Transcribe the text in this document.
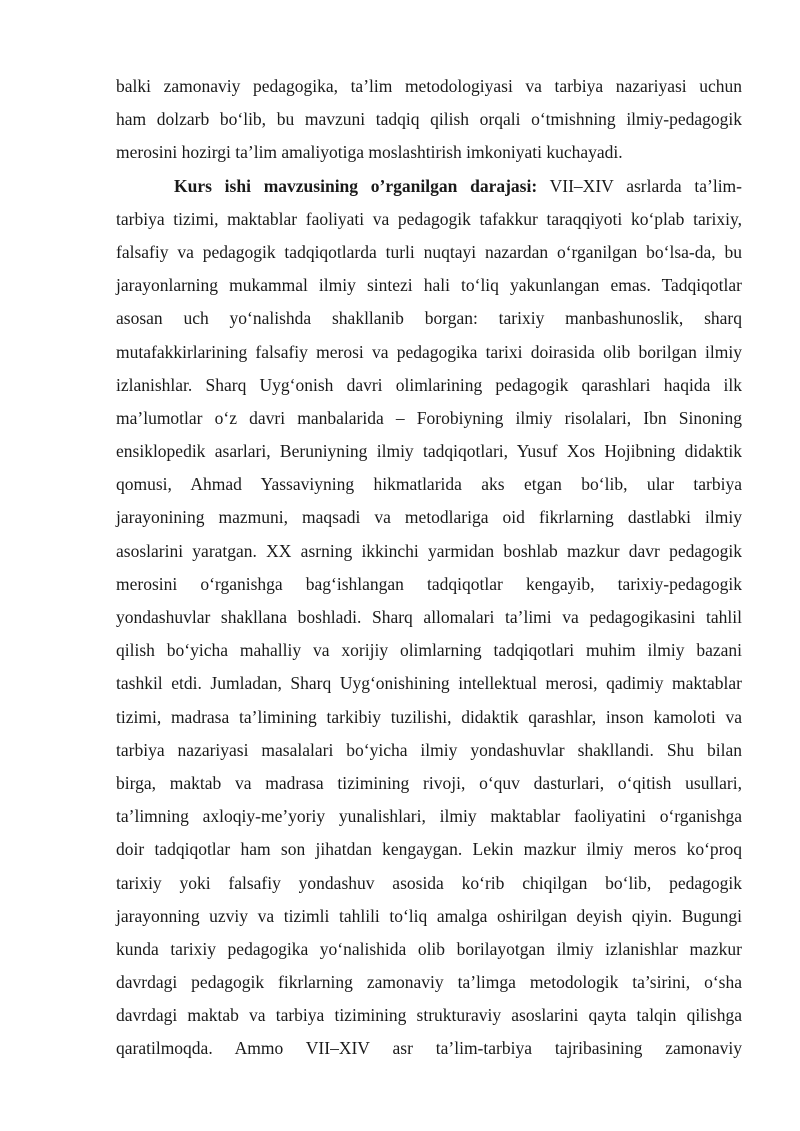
balki zamonaviy pedagogika, ta’lim metodologiyasi va tarbiya nazariyasi uchun
ham dolzarb bo‘lib, bu mavzuni tadqiq qilish orqali o‘tmishning ilmiy-pedagogik
merosini hozirgi ta’lim amaliyotiga moslashtirish imkoniyati kuchayadi.
Kurs ishi mavzusining o’rganilgan darajasi: VII–XIV asrlarda ta’lim-
tarbiya tizimi, maktablar faoliyati va pedagogik tafakkur taraqqiyoti ko‘plab tarixiy,
falsafiy va pedagogik tadqiqotlarda turli nuqtayi nazardan o‘rganilgan bo‘lsa-da, bu
jarayonlarning mukammal ilmiy sintezi hali to‘liq yakunlangan emas. Tadqiqotlar
asosan uch yo‘nalishda shakllanib borgan: tarixiy manbashunoslik, sharq
mutafakkirlarining falsafiy merosi va pedagogika tarixi doirasida olib borilgan ilmiy
izlanishlar. Sharq Uyg‘onish davri olimlarining pedagogik qarashlari haqida ilk
ma’lumotlar o‘z davri manbalarida – Forobiyning ilmiy risolalari, Ibn Sinoning
ensiklopedik asarlari, Beruniyning ilmiy tadqiqotlari, Yusuf Xos Hojibning didaktik
qomusi, Ahmad Yassaviyning hikmatlarida aks etgan bo‘lib, ular tarbiya
jarayonining mazmuni, maqsadi va metodlariga oid fikrlarning dastlabki ilmiy
asoslarini yaratgan. XX asrning ikkinchi yarmidan boshlab mazkur davr pedagogik
merosini o‘rganishga bag‘ishlangan tadqiqotlar kengayib, tarixiy-pedagogik
yondashuvlar shakllana boshladi. Sharq allomalari ta’limi va pedagogikasini tahlil
qilish bo‘yicha mahalliy va xorijiy olimlarning tadqiqotlari muhim ilmiy bazani
tashkil etdi. Jumladan, Sharq Uyg‘onishining intellektual merosi, qadimiy maktablar
tizimi, madrasa ta’limining tarkibiy tuzilishi, didaktik qarashlar, inson kamoloti va
tarbiya nazariyasi masalalari bo‘yicha ilmiy yondashuvlar shakllandi. Shu bilan
birga, maktab va madrasa tizimining rivoji, o‘quv dasturlari, o‘qitish usullari,
ta’limning axloqiy-me’yoriy yunalishlari, ilmiy maktablar faoliyatini o‘rganishga
doir tadqiqotlar ham son jihatdan kengaygan. Lekin mazkur ilmiy meros ko‘proq
tarixiy yoki falsafiy yondashuv asosida ko‘rib chiqilgan bo‘lib, pedagogik
jarayonning uzviy va tizimli tahlili to‘liq amalga oshirilgan deyish qiyin. Bugungi
kunda tarixiy pedagogika yo‘nalishida olib borilayotgan ilmiy izlanishlar mazkur
davrdagi pedagogik fikrlarning zamonaviy ta’limga metodologik ta’sirini, o‘sha
davrdagi maktab va tarbiya tizimining strukturaviy asoslarini qayta talqin qilishga
qaratilmoqda. Ammo VII–XIV asr ta’lim-tarbiya tajribasining zamonaviy
